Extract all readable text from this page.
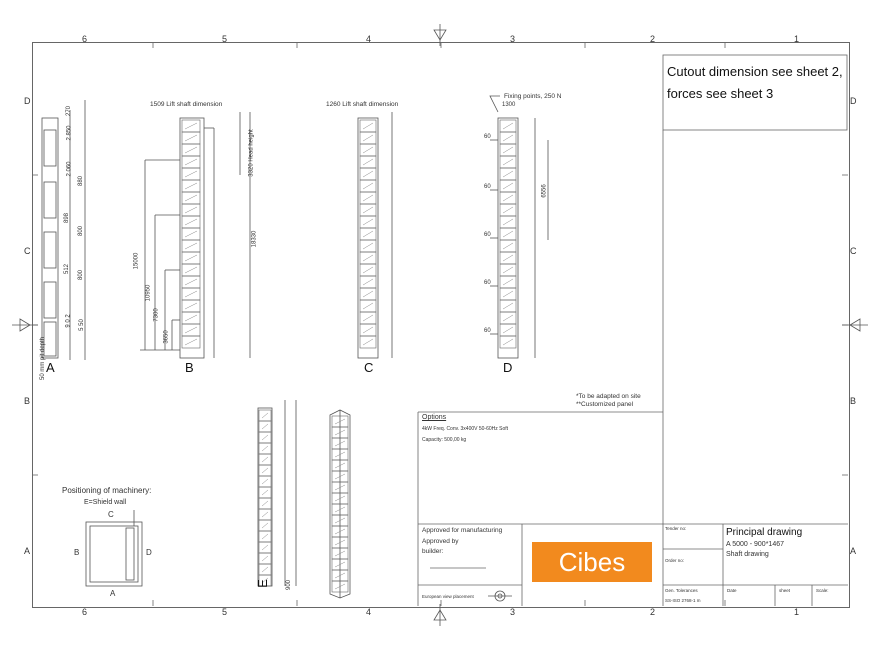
6	5	4	3	2	1
6	5	4	3	2	1
D
C
B
A
D
C
B
A
Cutout dimension see sheet 2, forces see sheet 3
A	B	C	D
E
1509 Lift shaft dimension	1260 Lift shaft dimension
Fixing points, 250 N
1300
50 mm pit depth
270
2 850
2 060
880
898
800
512
800
9 0 2 5 50
3320 Head height
15000
10950
7300
3650
18330
60
60
60
60
60
6556
900
*To be adapted on site
**Customized panel
Positioning of machinery:
E=Shield wall
C
B	D
A
Options
4kW Freq. Conv. 3x400V 50-60Hz Soft
Capacity: 500,00 kg
Approved for manufacturing
Approved by
builder:
European view placement
Cibes
Tender no:
Order no:
Principal drawing
A 5000 - 900*1467
Shaft drawing
Gen. Tolerances
SS-ISO 2768-1 m
Date	sheet	Scale:
